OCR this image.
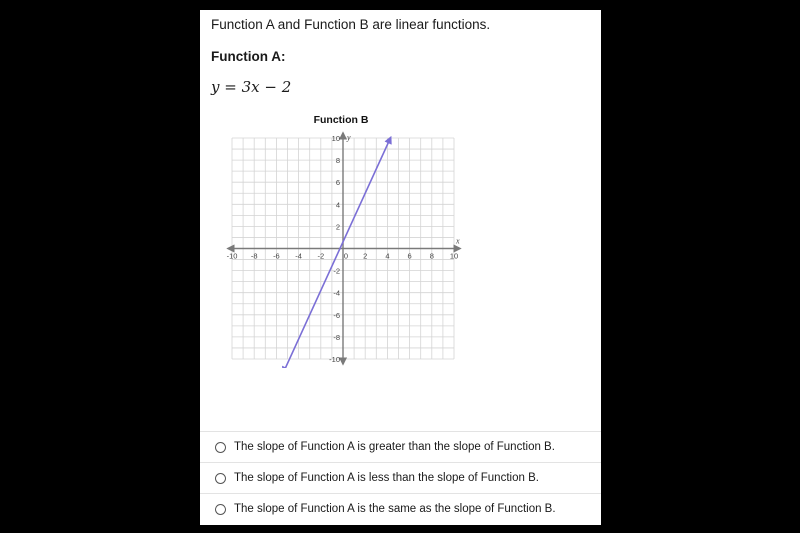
Function A and Function B are linear functions.
Function A:
y = 3x − 2
Function B
-10 -8 -6 -4 -2	0 2 4 6 8 10
10
8
6
4
2
-2
-4
-6
-8
-10
x
y
The slope of Function A is greater than the slope of Function B.
The slope of Function A is less than the slope of Function B.
The slope of Function A is the same as the slope of Function B.
